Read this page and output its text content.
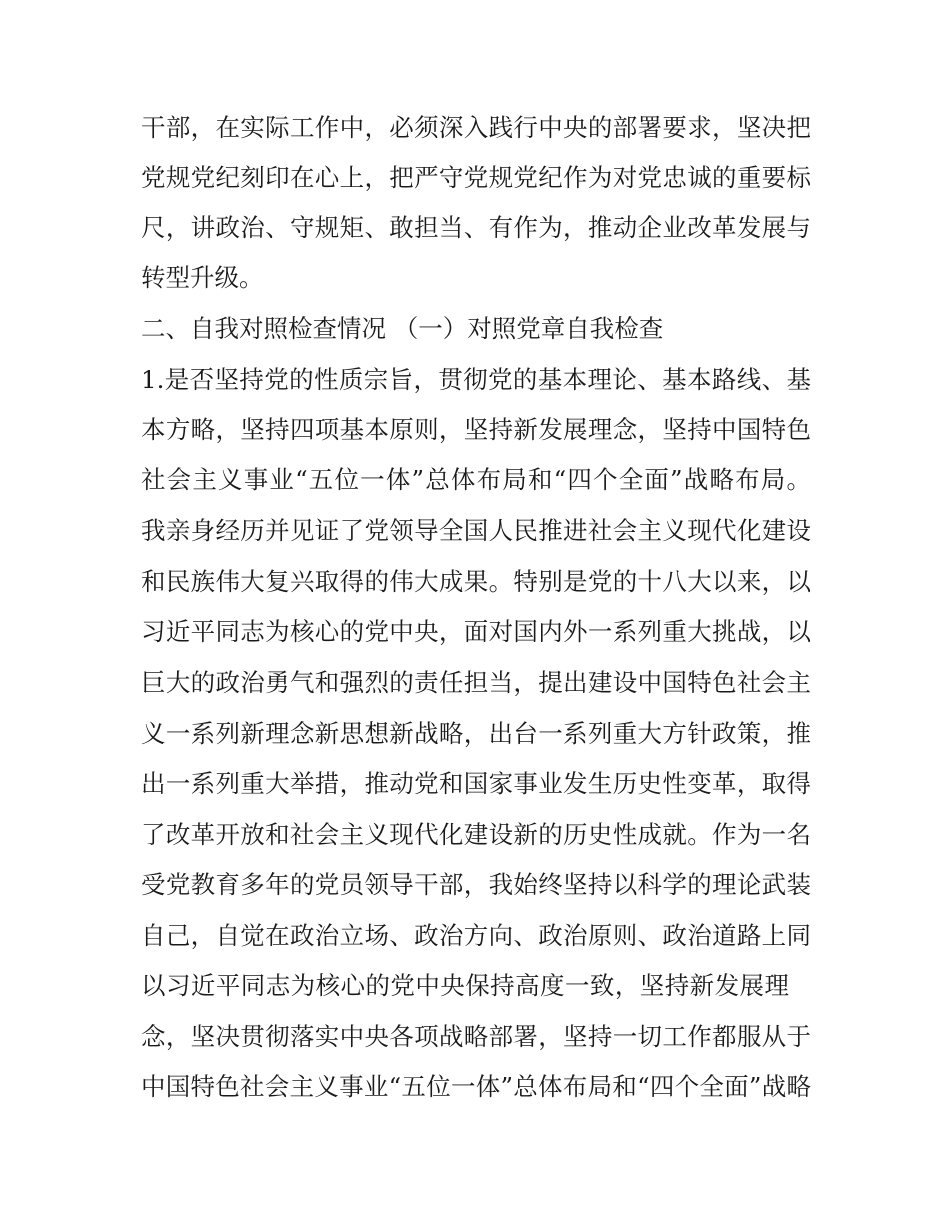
干部，在实际工作中，必须深入践行中央的部署要求，坚决把
党规党纪刻印在心上，把严守党规党纪作为对党忠诚的重要标
尺，讲政治、守规矩、敢担当、有作为，推动企业改革发展与
转型升级。
二、自我对照检查情况 （一）对照党章自我检查
1.是否坚持党的性质宗旨，贯彻党的基本理论、基本路线、基
本方略，坚持四项基本原则，坚持新发展理念，坚持中国特色
社会主义事业“五位一体”总体布局和“四个全面”战略布局。
我亲身经历并见证了党领导全国人民推进社会主义现代化建设
和民族伟大复兴取得的伟大成果。特别是党的十八大以来，以
习近平同志为核心的党中央，面对国内外一系列重大挑战，以
巨大的政治勇气和强烈的责任担当，提出建设中国特色社会主
义一系列新理念新思想新战略，出台一系列重大方针政策，推
出一系列重大举措，推动党和国家事业发生历史性变革，取得
了改革开放和社会主义现代化建设新的历史性成就。作为一名
受党教育多年的党员领导干部，我始终坚持以科学的理论武装
自己，自觉在政治立场、政治方向、政治原则、政治道路上同
以习近平同志为核心的党中央保持高度一致，坚持新发展理
念，坚决贯彻落实中央各项战略部署，坚持一切工作都服从于
中国特色社会主义事业“五位一体”总体布局和“四个全面”战略
